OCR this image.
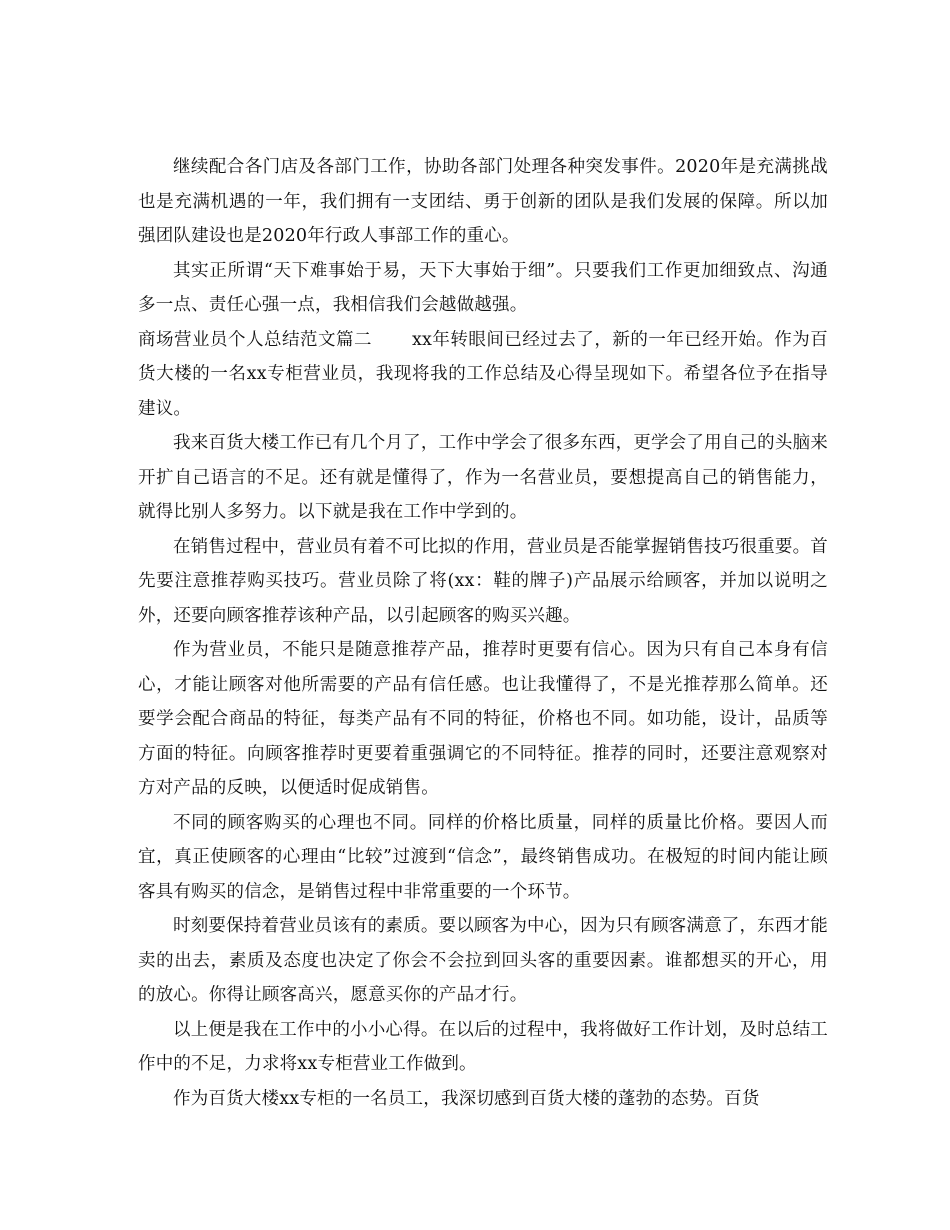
继续配合各门店及各部门工作，协助各部门处理各种突发事件。2020年是充满挑战也是充满机遇的一年，我们拥有一支团结、勇于创新的团队是我们发展的保障。所以加强团队建设也是2020年行政人事部工作的重心。

其实正所谓“天下难事始于易，天下大事始于细”。只要我们工作更加细致点、沟通多一点、责任心强一点，我相信我们会越做越强。

商场营业员个人总结范文篇二 xx年转眼间已经过去了，新的一年已经开始。作为百货大楼的一名xx专柜营业员，我现将我的工作总结及心得呈现如下。希望各位予在指导建议。

我来百货大楼工作已有几个月了，工作中学会了很多东西，更学会了用自己的头脑来开扩自己语言的不足。还有就是懂得了，作为一名营业员，要想提高自己的销售能力，就得比别人多努力。以下就是我在工作中学到的。

在销售过程中，营业员有着不可比拟的作用，营业员是否能掌握销售技巧很重要。首先要注意推荐购买技巧。营业员除了将(xx：鞋的牌子)产品展示给顾客，并加以说明之外，还要向顾客推荐该种产品，以引起顾客的购买兴趣。

作为营业员，不能只是随意推荐产品，推荐时更要有信心。因为只有自己本身有信心，才能让顾客对他所需要的产品有信任感。也让我懂得了，不是光推荐那么简单。还要学会配合商品的特征，每类产品有不同的特征，价格也不同。如功能，设计，品质等方面的特征。向顾客推荐时更要着重强调它的不同特征。推荐的同时，还要注意观察对方对产品的反映，以便适时促成销售。

不同的顾客购买的心理也不同。同样的价格比质量，同样的质量比价格。要因人而宜，真正使顾客的心理由“比较”过渡到“信念”，最终销售成功。在极短的时间内能让顾客具有购买的信念，是销售过程中非常重要的一个环节。

时刻要保持着营业员该有的素质。要以顾客为中心，因为只有顾客满意了，东西才能卖的出去，素质及态度也决定了你会不会拉到回头客的重要因素。谁都想买的开心，用的放心。你得让顾客高兴，愿意买你的产品才行。

以上便是我在工作中的小小心得。在以后的过程中，我将做好工作计划，及时总结工作中的不足，力求将xx专柜营业工作做到。

作为百货大楼xx专柜的一名员工，我深切感到百货大楼的蓬勃的态势。百货
